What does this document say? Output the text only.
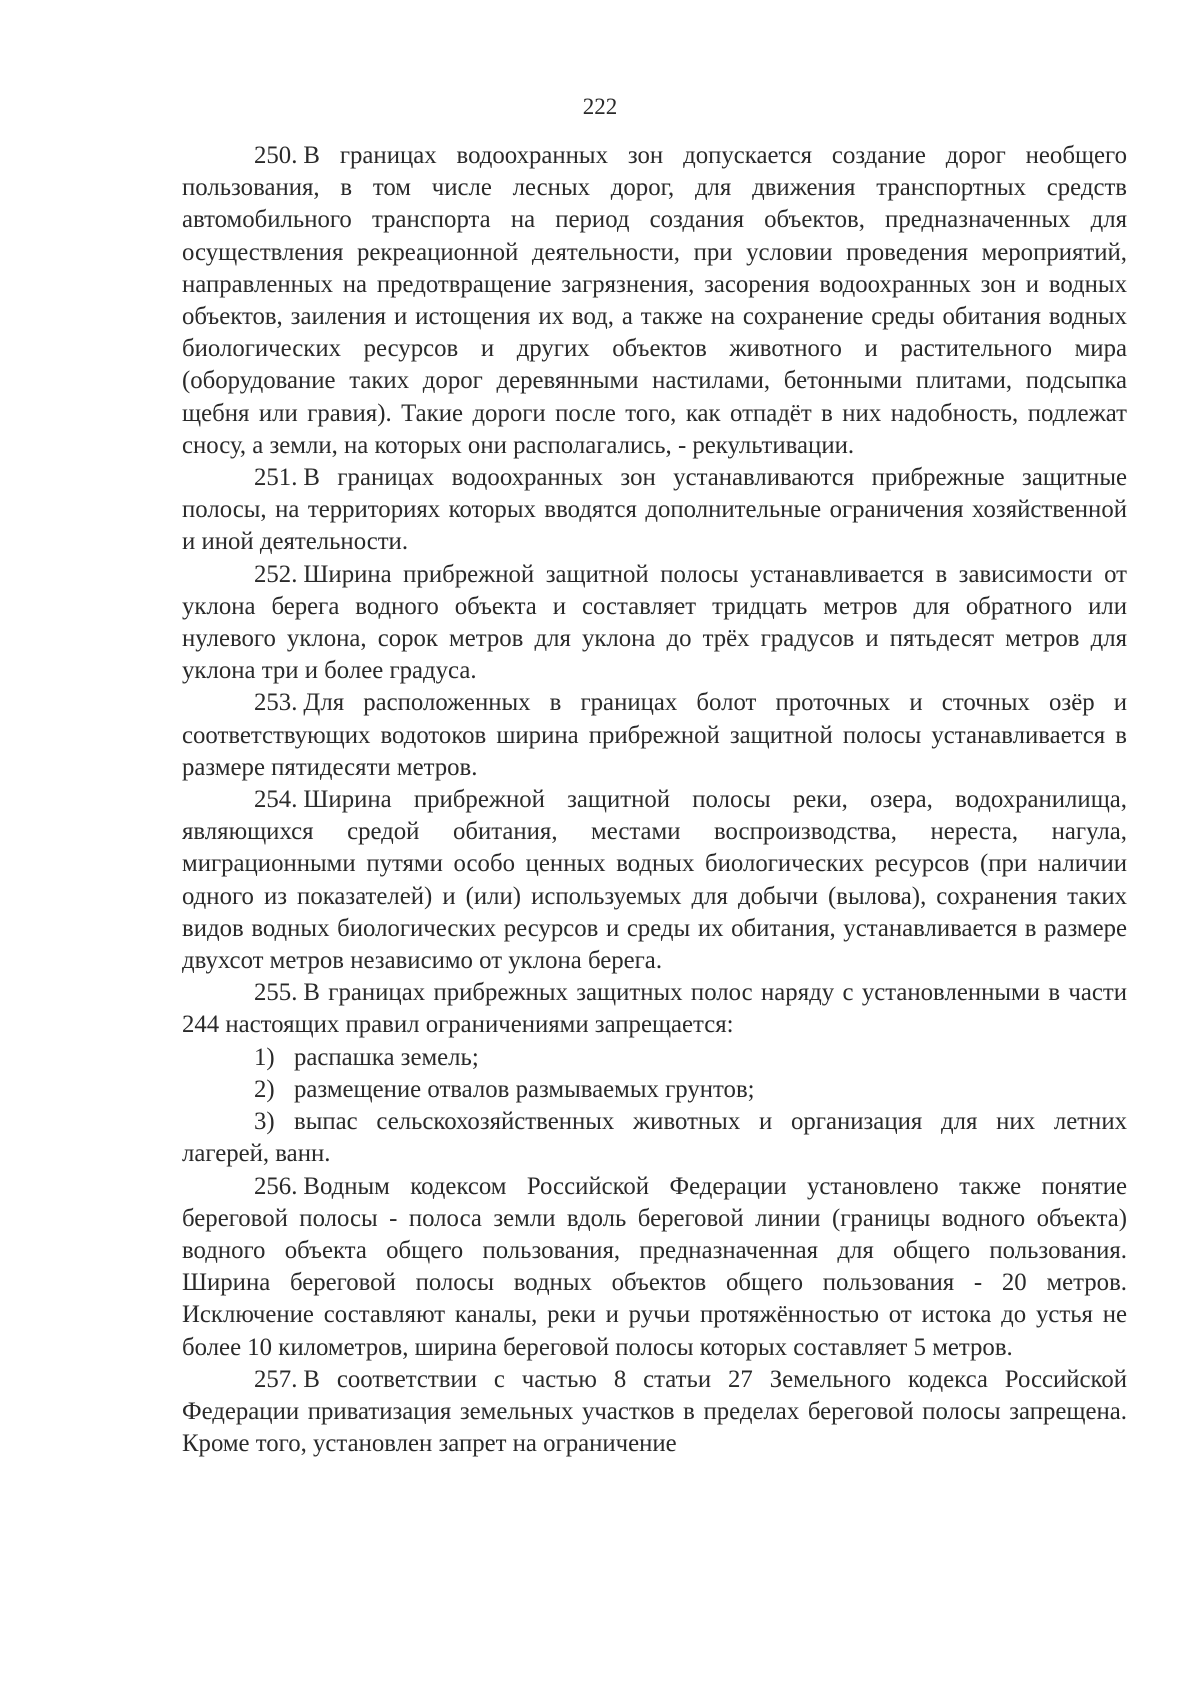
222

250. В границах водоохранных зон допускается создание дорог необщего пользования, в том числе лесных дорог, для движения транспортных средств автомобильного транспорта на период создания объектов, предназначенных для осуществления рекреационной деятельности, при условии проведения мероприятий, направленных на предотвращение загрязнения, засорения водоохранных зон и водных объектов, заиления и истощения их вод, а также на сохранение среды обитания водных биологических ресурсов и других объектов животного и растительного мира (оборудование таких дорог деревянными настилами, бетонными плитами, подсыпка щебня или гравия). Такие дороги после того, как отпадёт в них надобность, подлежат сносу, а земли, на которых они располагались, - рекультивации.

251. В границах водоохранных зон устанавливаются прибрежные защитные полосы, на территориях которых вводятся дополнительные ограничения хозяйственной и иной деятельности.

252. Ширина прибрежной защитной полосы устанавливается в зависимости от уклона берега водного объекта и составляет тридцать метров для обратного или нулевого уклона, сорок метров для уклона до трёх градусов и пятьдесят метров для уклона три и более градуса.

253. Для расположенных в границах болот проточных и сточных озёр и соответствующих водотоков ширина прибрежной защитной полосы устанавливается в размере пятидесяти метров.

254. Ширина прибрежной защитной полосы реки, озера, водохранилища, являющихся средой обитания, местами воспроизводства, нереста, нагула, миграционными путями особо ценных водных биологических ресурсов (при наличии одного из показателей) и (или) используемых для добычи (вылова), сохранения таких видов водных биологических ресурсов и среды их обитания, устанавливается в размере двухсот метров независимо от уклона берега.

255. В границах прибрежных защитных полос наряду с установленными в части 244 настоящих правил ограничениями запрещается:

1) распашка земель;

2) размещение отвалов размываемых грунтов;

3) выпас сельскохозяйственных животных и организация для них летних лагерей, ванн.

256. Водным кодексом Российской Федерации установлено также понятие береговой полосы - полоса земли вдоль береговой линии (границы водного объекта) водного объекта общего пользования, предназначенная для общего пользования. Ширина береговой полосы водных объектов общего пользования - 20 метров. Исключение составляют каналы, реки и ручьи протяжённостью от истока до устья не более 10 километров, ширина береговой полосы которых составляет 5 метров.

257. В соответствии с частью 8 статьи 27 Земельного кодекса Российской Федерации приватизация земельных участков в пределах береговой полосы запрещена. Кроме того, установлен запрет на ограничение
